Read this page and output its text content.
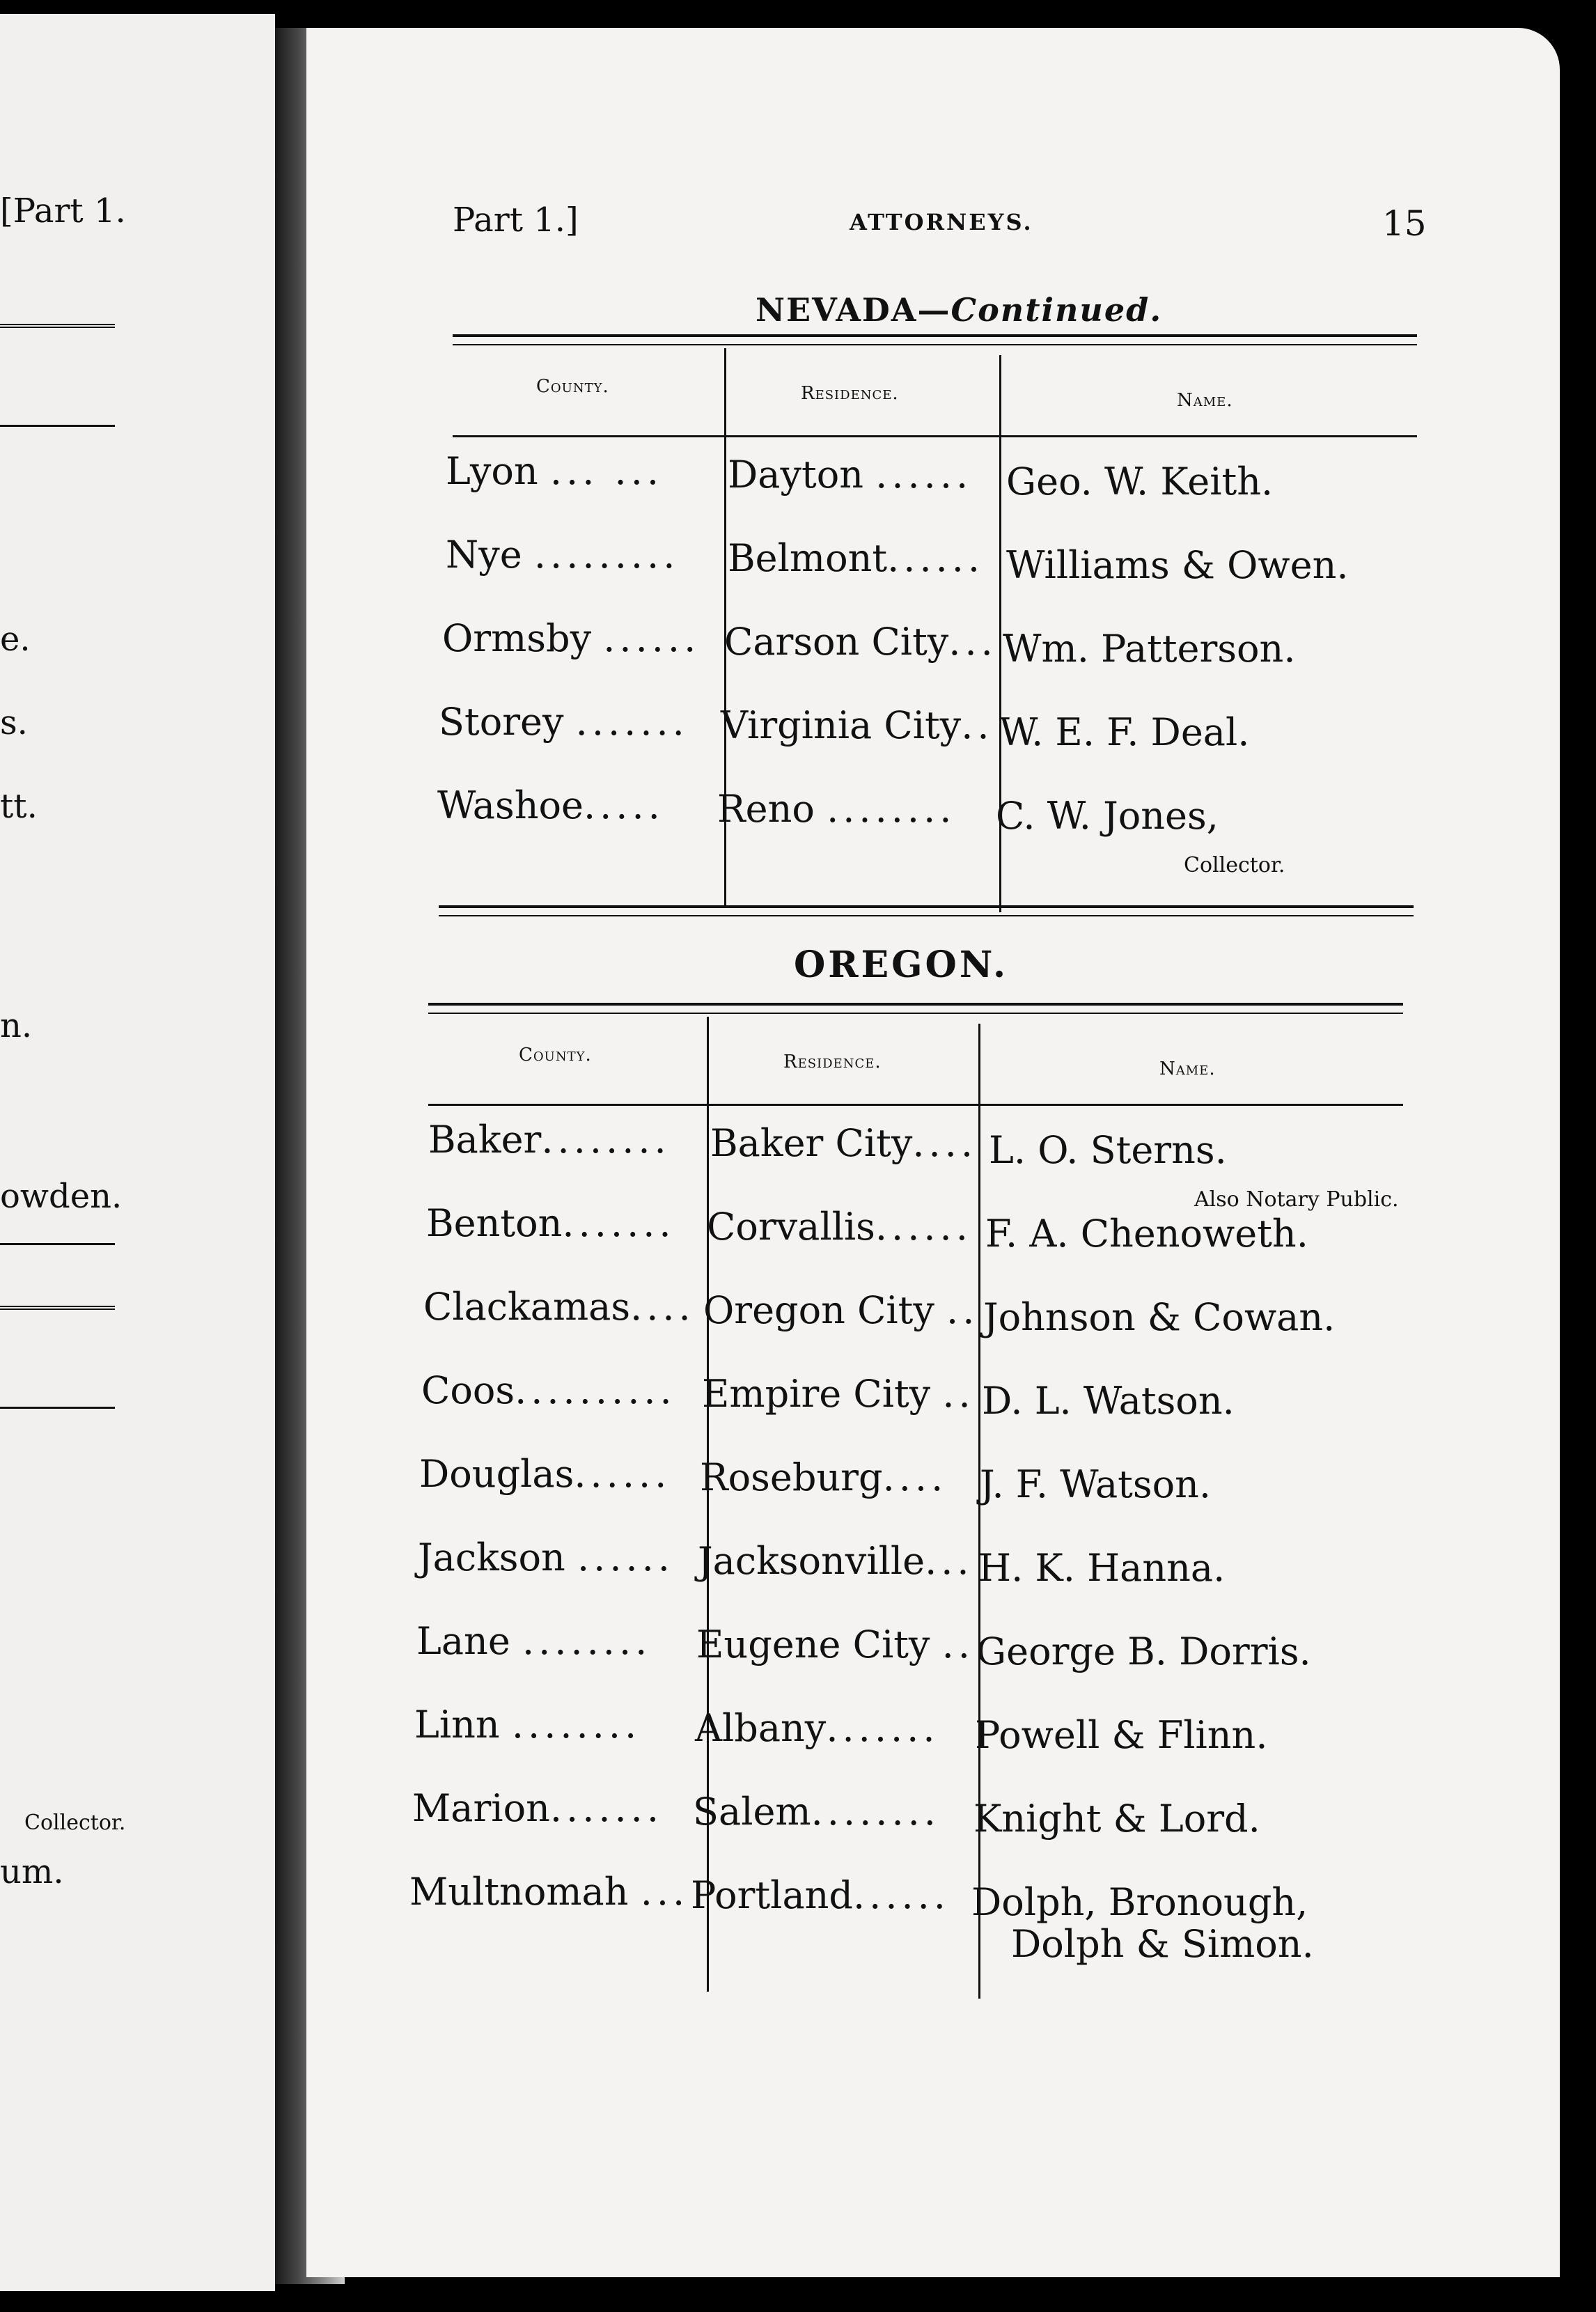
[Part 1.
e.
s.
tt.
n.
owden.
Collector.
um.
Part 1.]	ATTORNEYS.	15
NEVADA—Continued.
County.	Residence.	Name.
Lyon ... ... Dayton ...... Geo. W. Keith.
Nye ......... Belmont...... Williams & Owen.
Ormsby ...... Carson City... Wm. Patterson.
Storey ....... Virginia City.. W. E. F. Deal.
Washoe..... Reno ........ C. W. Jones,
Collector.
OREGON.
County.	Residence.	Name.
Baker........ Baker City.... L. O. Sterns.
Also Notary Public.
Benton....... Corvallis...... F. A. Chenoweth.
Clackamas.... Oregon City .. Johnson & Cowan.
Coos.......... Empire City .. D. L. Watson.
Douglas...... Roseburg.... J. F. Watson.
Jackson ...... Jacksonville... H. K. Hanna.
Lane ........ Eugene City .. George B. Dorris.
Linn ........ Albany....... Powell & Flinn.
Marion....... Salem........ Knight & Lord.
Multnomah ... Portland...... Dolph, Bronough,
Dolph & Simon.
